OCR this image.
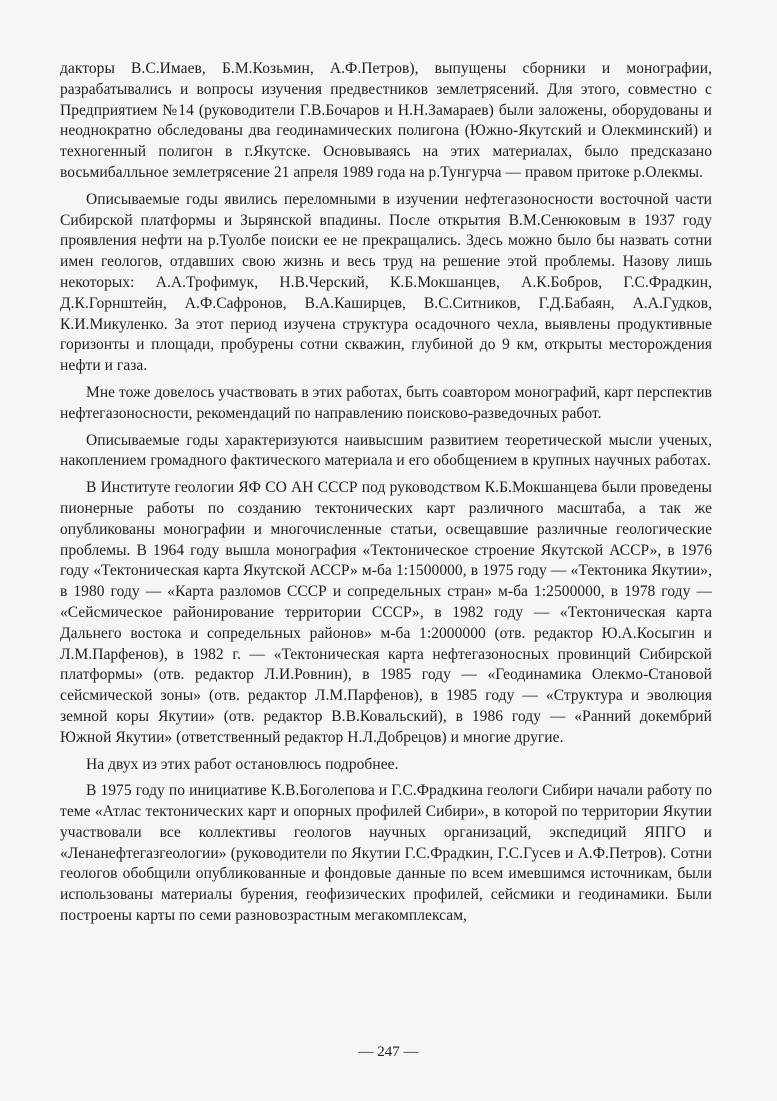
дакторы В.С.Имаев, Б.М.Козьмин, А.Ф.Петров), выпущены сборники и монографии, разрабатывались и вопросы изучения предвестников землетрясений. Для этого, совместно с Предприятием №14 (руководители Г.В.Бочаров и Н.Н.Замараев) были заложены, оборудованы и неоднократно обследованы два геодинамических полигона (Южно-Якутский и Олекминский) и техногенный полигон в г.Якутске. Основываясь на этих материалах, было предсказано восьмибалльное землетрясение 21 апреля 1989 года на р.Тунгурча — правом притоке р.Олекмы.

Описываемые годы явились переломными в изучении нефтегазоносности восточной части Сибирской платформы и Зырянской впадины. После открытия В.М.Сенюковым в 1937 году проявления нефти на р.Туолбе поиски ее не прекращались. Здесь можно было бы назвать сотни имен геологов, отдавших свою жизнь и весь труд на решение этой проблемы. Назову лишь некоторых: А.А.Трофимук, Н.В.Черский, К.Б.Мокшанцев, А.К.Бобров, Г.С.Фрадкин, Д.К.Горнштейн, А.Ф.Сафронов, В.А.Каширцев, В.С.Ситников, Г.Д.Бабаян, А.А.Гудков, К.И.Микуленко. За этот период изучена структура осадочного чехла, выявлены продуктивные горизонты и площади, пробурены сотни скважин, глубиной до 9 км, открыты месторождения нефти и газа.

Мне тоже довелось участвовать в этих работах, быть соавтором монографий, карт перспектив нефтегазоносности, рекомендаций по направлению поисково-разведочных работ.

Описываемые годы характеризуются наивысшим развитием теоретической мысли ученых, накоплением громадного фактического материала и его обобщением в крупных научных работах.

В Институте геологии ЯФ СО АН СССР под руководством К.Б.Мокшанцева были проведены пионерные работы по созданию тектонических карт различного масштаба, а так же опубликованы монографии и многочисленные статьи, освещавшие различные геологические проблемы. В 1964 году вышла монография «Тектоническое строение Якутской АССР», в 1976 году «Тектоническая карта Якутской АССР» м-ба 1:1500000, в 1975 году — «Тектоника Якутии», в 1980 году — «Карта разломов СССР и сопредельных стран» м-ба 1:2500000, в 1978 году — «Сейсмическое районирование территории СССР», в 1982 году — «Тектоническая карта Дальнего востока и сопредельных районов» м-ба 1:2000000 (отв. редактор Ю.А.Косыгин и Л.М.Парфенов), в 1982 г. — «Тектоническая карта нефтегазоносных провинций Сибирской платформы» (отв. редактор Л.И.Ровнин), в 1985 году — «Геодинамика Олекмо-Становой сейсмической зоны» (отв. редактор Л.М.Парфенов), в 1985 году — «Структура и эволюция земной коры Якутии» (отв. редактор В.В.Ковальский), в 1986 году — «Ранний докембрий Южной Якутии» (ответственный редактор Н.Л.Добрецов) и многие другие.

На двух из этих работ остановлюсь подробнее.

В 1975 году по инициативе К.В.Боголепова и Г.С.Фрадкина геологи Сибири начали работу по теме «Атлас тектонических карт и опорных профилей Сибири», в которой по территории Якутии участвовали все коллективы геологов научных организаций, экспедиций ЯПГО и «Ленанефтегазгеологии» (руководители по Якутии Г.С.Фрадкин, Г.С.Гусев и А.Ф.Петров). Сотни геологов обобщили опубликованные и фондовые данные по всем имевшимся источникам, были использованы материалы бурения, геофизических профилей, сейсмики и геодинамики. Были построены карты по семи разновозрастным мегакомплексам,

— 247 —
